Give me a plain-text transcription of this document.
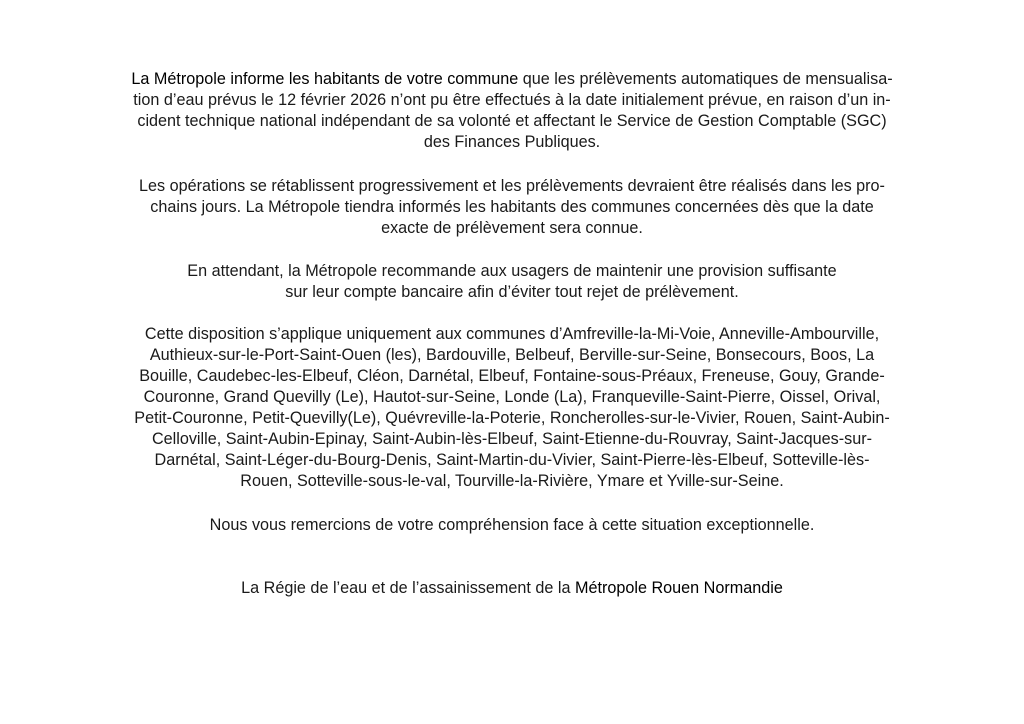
La Métropole informe les habitants de votre commune que les prélèvements automatiques de mensualisa-
tion d’eau prévus le 12 février 2026 n’ont pu être effectués à la date initialement prévue, en raison d’un in-
cident technique national indépendant de sa volonté et affectant le Service de Gestion Comptable (SGC)
des Finances Publiques.

Les opérations se rétablissent progressivement et les prélèvements devraient être réalisés dans les pro-
chains jours. La Métropole tiendra informés les habitants des communes concernées dès que la date
exacte de prélèvement sera connue.

En attendant, la Métropole recommande aux usagers de maintenir une provision suffisante
sur leur compte bancaire afin d’éviter tout rejet de prélèvement.

Cette disposition s’applique uniquement aux communes d’Amfreville-la-Mi-Voie, Anneville-Ambourville,
Authieux-sur-le-Port-Saint-Ouen (les), Bardouville, Belbeuf, Berville-sur-Seine, Bonsecours, Boos, La
Bouille, Caudebec-les-Elbeuf, Cléon, Darnétal, Elbeuf, Fontaine-sous-Préaux, Freneuse, Gouy, Grande-
Couronne, Grand Quevilly (Le), Hautot-sur-Seine, Londe (La), Franqueville-Saint-Pierre, Oissel, Orival,
Petit-Couronne, Petit-Quevilly(Le), Quévreville-la-Poterie, Roncherolles-sur-le-Vivier, Rouen, Saint-Aubin-
Celloville, Saint-Aubin-Epinay, Saint-Aubin-lès-Elbeuf, Saint-Etienne-du-Rouvray, Saint-Jacques-sur-
Darnétal, Saint-Léger-du-Bourg-Denis, Saint-Martin-du-Vivier, Saint-Pierre-lès-Elbeuf, Sotteville-lès-
Rouen, Sotteville-sous-le-val, Tourville-la-Rivière, Ymare et Yville-sur-Seine.

Nous vous remercions de votre compréhension face à cette situation exceptionnelle.

La Régie de l’eau et de l’assainissement de la Métropole Rouen Normandie
